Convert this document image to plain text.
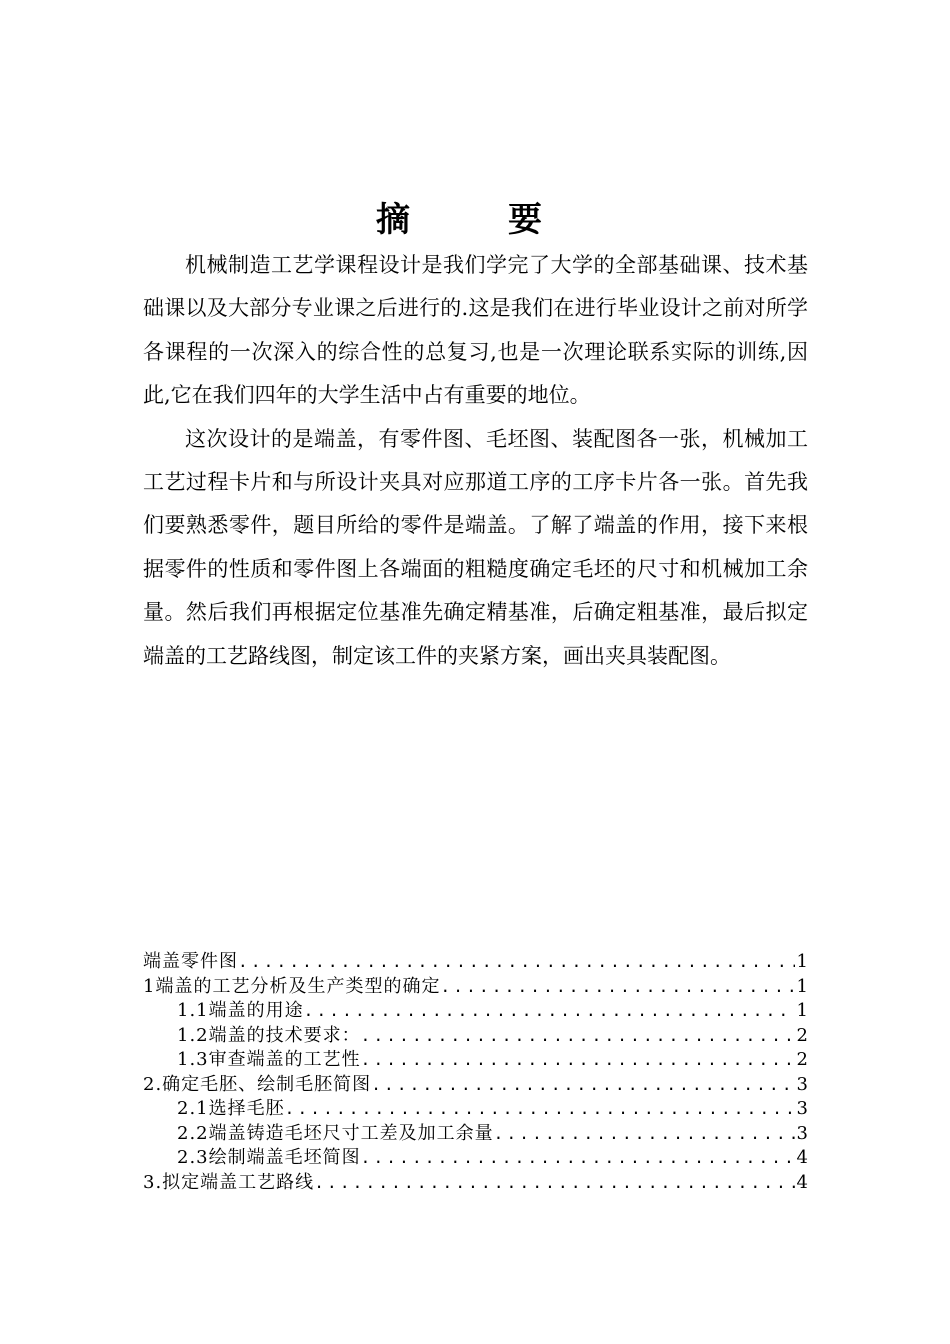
摘　要

机械制造工艺学课程设计是我们学完了大学的全部基础课、技术基础课以及大部分专业课之后进行的.这是我们在进行毕业设计之前对所学各课程的一次深入的综合性的总复习,也是一次理论联系实际的训练,因此,它在我们四年的大学生活中占有重要的地位。

这次设计的是端盖，有零件图、毛坯图、装配图各一张，机械加工工艺过程卡片和与所设计夹具对应那道工序的工序卡片各一张。首先我们要熟悉零件，题目所给的零件是端盖。了解了端盖的作用，接下来根据零件的性质和零件图上各端面的粗糙度确定毛坯的尺寸和机械加工余量。然后我们再根据定位基准先确定精基准，后确定粗基准，最后拟定端盖的工艺路线图，制定该工件的夹紧方案，画出夹具装配图。

端盖零件图 .....	1
1端盖的工艺分析及生产类型的确定 .....	1
1.1端盖的用途 .....	1
1.2端盖的技术要求： .....	2
1.3审查端盖的工艺性 .....	2
2.确定毛胚、绘制毛胚简图 .....	3
2.1选择毛胚 .....	3
2.2端盖铸造毛坯尺寸工差及加工余量 .....	3
2.3绘制端盖毛坯简图 .....	4
3.拟定端盖工艺路线 .....	4
